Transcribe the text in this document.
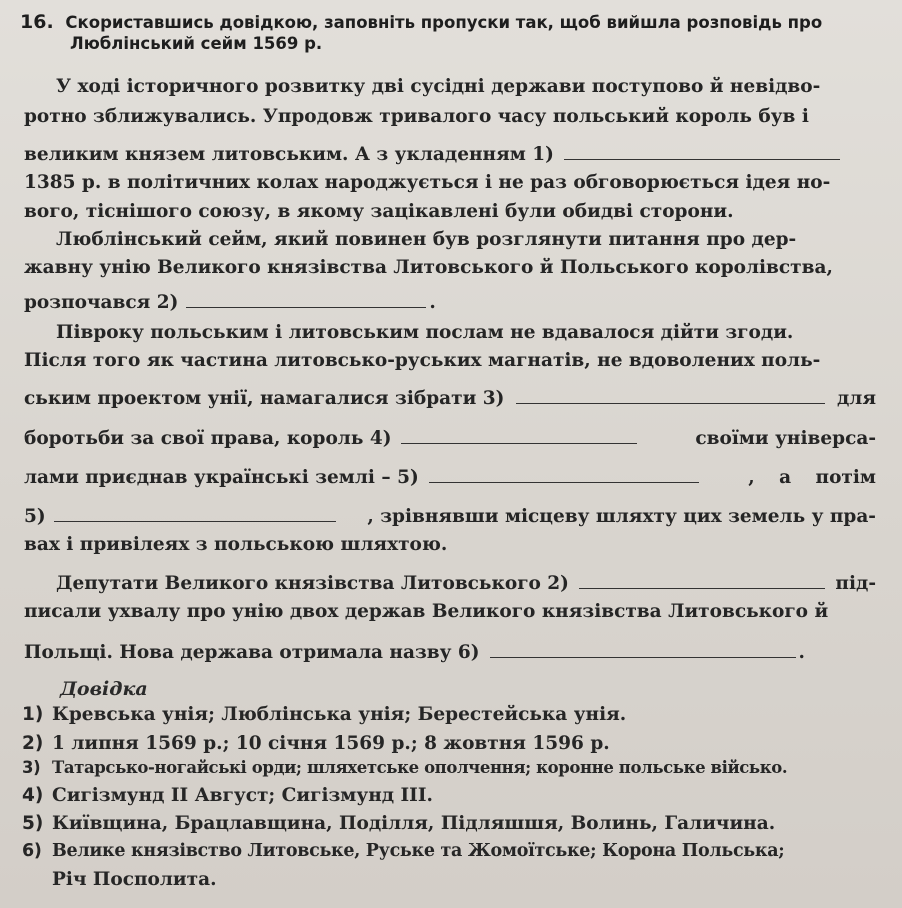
16. Скориставшись довідкою, заповніть пропуски так, щоб вийшла розповідь про
Люблінський сейм 1569 р.
У ході історичного розвитку дві сусідні держави поступово й невідво-
ротно зближувались. Упродовж тривалого часу польський король був і
великим князем литовським. А з укладенням 1)
1385 р. в політичних колах народжується і не раз обговорюється ідея но-
вого, тіснішого союзу, в якому зацікавлені були обидві сторони.
Люблінський сейм, який повинен був розглянути питання про дер-
жавну унію Великого князівства Литовського й Польського королівства,
розпочався 2)	.
Півроку польським і литовським послам не вдавалося дійти згоди.
Після того як частина литовсько-руських магнатів, не вдоволених поль-
ським проектом унії, намагалися зібрати 3)	для
боротьби за свої права, король 4)	своїми універса-
лами приєднав українські землі – 5)	, а потім
5)	, зрівнявши місцеву шляхту цих земель у пра-
вах і привілеях з польською шляхтою.
Депутати Великого князівства Литовського 2)	під-
писали ухвалу про унію двох держав Великого князівства Литовського й
Польщі. Нова держава отримала назву 6)	.
Довідка
1) Кревська унія; Люблінська унія; Берестейська унія.
2) 1 липня 1569 р.; 10 січня 1569 р.; 8 жовтня 1596 р.
3) Татарсько-ногайські орди; шляхетське ополчення; коронне польське військо.
4) Сигізмунд II Август; Сигізмунд III.
5) Київщина, Брацлавщина, Поділля, Підляшшя, Волинь, Галичина.
6) Велике князівство Литовське, Руське та Жомоїтське; Корона Польська;
Річ Посполита.
